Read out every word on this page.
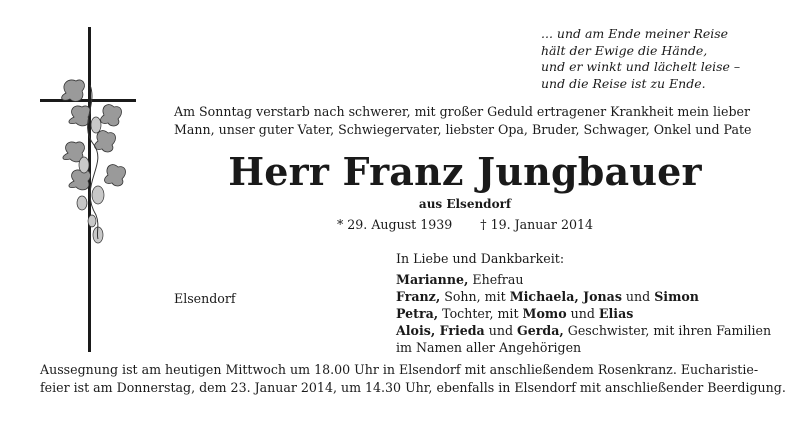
... und am Ende meiner Reise
hält der Ewige die Hände,
und er winkt und lächelt leise –
und die Reise ist zu Ende.
Am Sonntag verstarb nach schwerer, mit großer Geduld ertragener Krankheit mein lieber
Mann, unser guter Vater, Schwiegervater, liebster Opa, Bruder, Schwager, Onkel und Pate
Herr Franz Jungbauer
aus Elsendorf
* 29. August 1939 † 19. Januar 2014
Elsendorf
In Liebe und Dankbarkeit:
Marianne, Ehefrau
Franz, Sohn, mit Michaela, Jonas und Simon
Petra, Tochter, mit Momo und Elias
Alois, Frieda und Gerda, Geschwister, mit ihren Familien
im Namen aller Angehörigen
Aussegnung ist am heutigen Mittwoch um 18.00 Uhr in Elsendorf mit anschließendem Rosenkranz. Eucharistie-
feier ist am Donnerstag, dem 23. Januar 2014, um 14.30 Uhr, ebenfalls in Elsendorf mit anschließender Beerdigung.
